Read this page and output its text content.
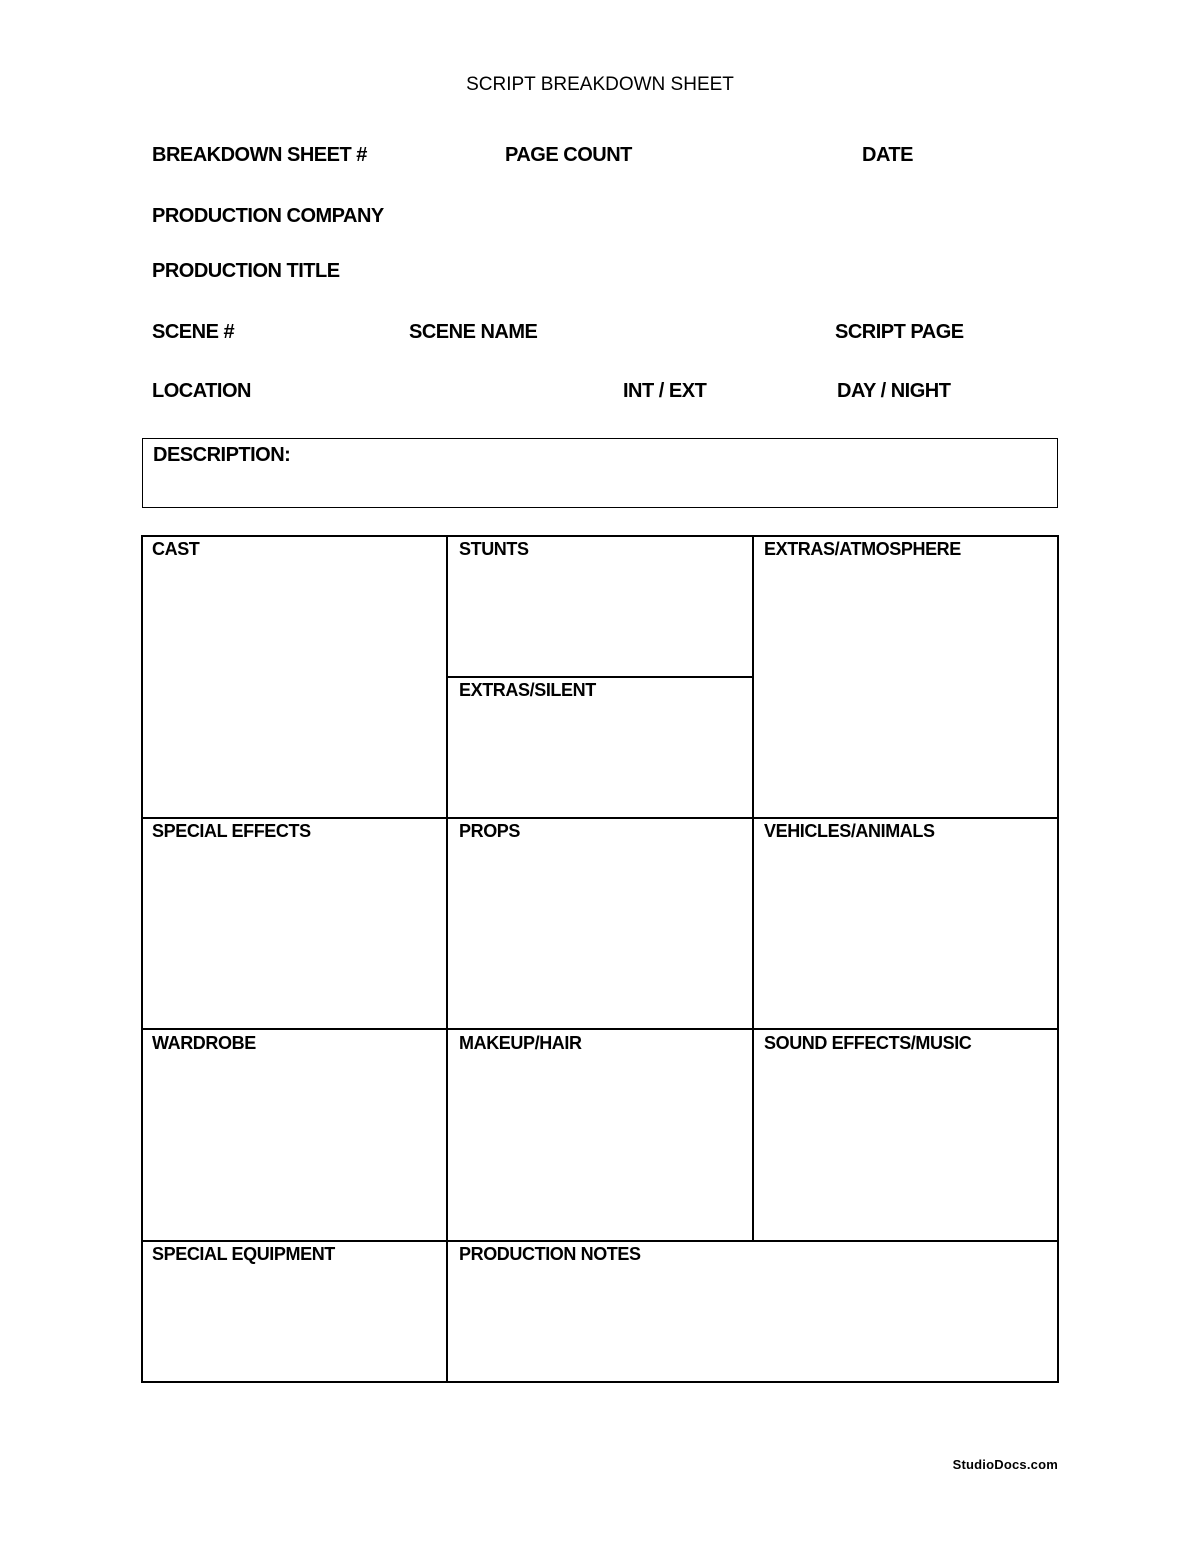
SCRIPT BREAKDOWN SHEET
BREAKDOWN SHEET #	PAGE COUNT	DATE
PRODUCTION COMPANY
PRODUCTION TITLE
SCENE #	SCENE NAME	SCRIPT PAGE
LOCATION	INT / EXT	DAY / NIGHT
DESCRIPTION:
CAST	STUNTS	EXTRAS/ATMOSPHERE
EXTRAS/SILENT
SPECIAL EFFECTS	PROPS	VEHICLES/ANIMALS
WARDROBE	MAKEUP/HAIR	SOUND EFFECTS/MUSIC
SPECIAL EQUIPMENT	PRODUCTION NOTES
StudioDocs.com
